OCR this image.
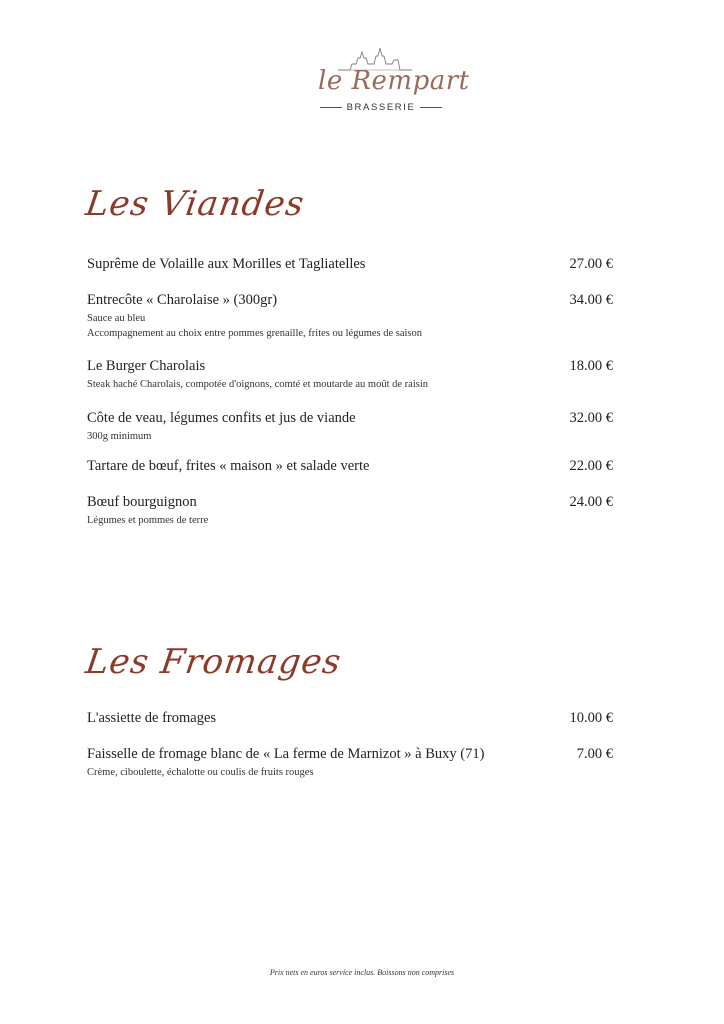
le Rempart
BRASSERIE
Les Viandes
Suprême de Volaille aux Morilles et Tagliatelles	27.00 €
Entrecôte « Charolaise » (300gr)	34.00 €
Sauce au bleu
Accompagnement au choix entre pommes grenaille, frites ou légumes de saison
Le Burger Charolais	18.00 €
Steak haché Charolais, compotée d'oignons, comté et moutarde au moût de raisin
Côte de veau, légumes confits et jus de viande	32.00 €
300g minimum
Tartare de bœuf, frites « maison » et salade verte	22.00 €
Bœuf bourguignon	24.00 €
Légumes et pommes de terre
Les Fromages
L'assiette de fromages	10.00 €
Faisselle de fromage blanc de « La ferme de Marnizot » à Buxy (71)	7.00 €
Crème, ciboulette, échalotte ou coulis de fruits rouges
Prix nets en euros service inclus. Boissons non comprises
